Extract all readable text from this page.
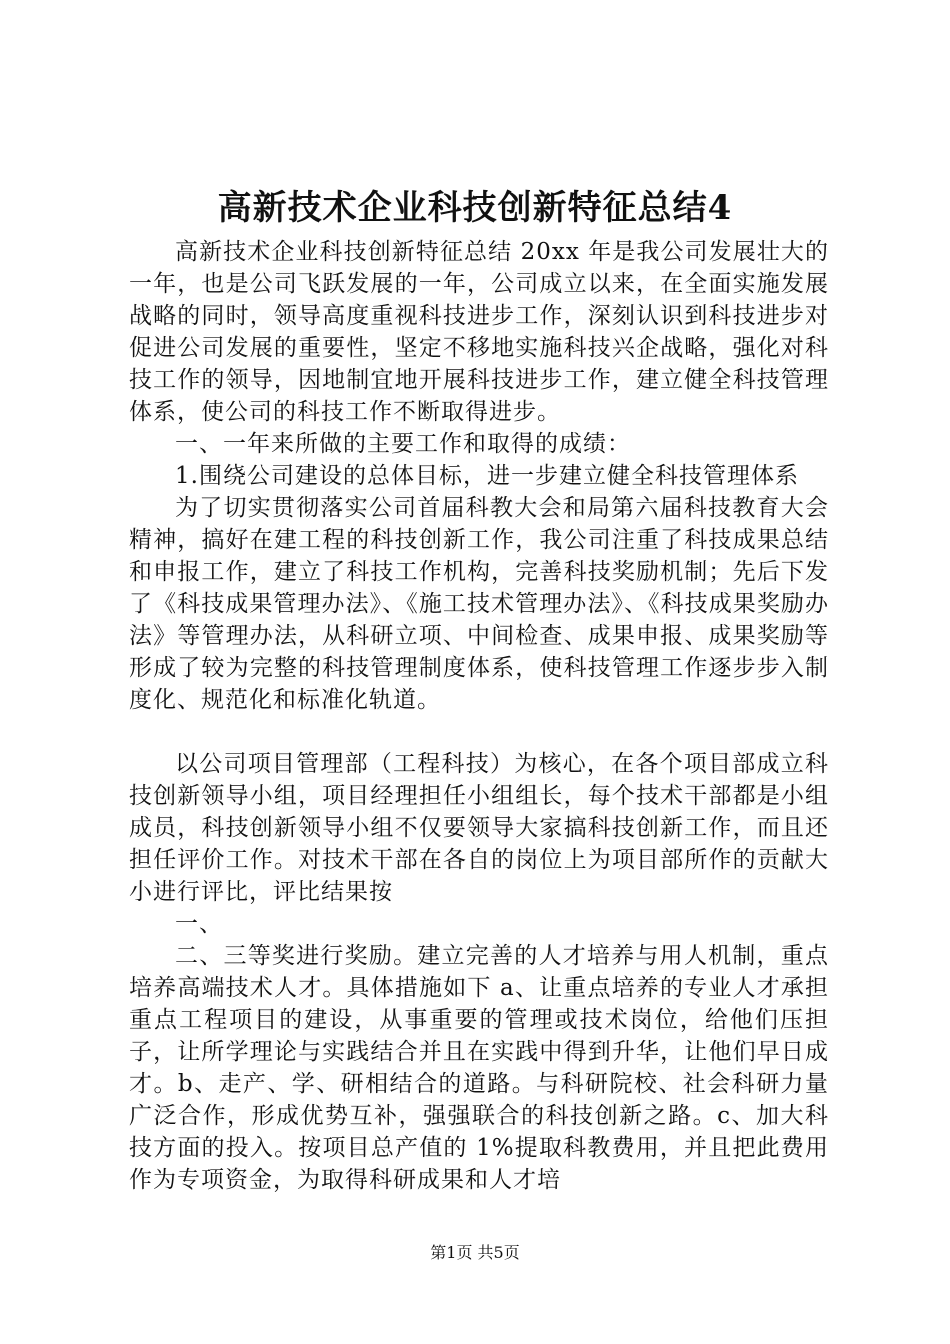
高新技术企业科技创新特征总结4

高新技术企业科技创新特征总结 20xx 年是我公司发展壮大的一年，也是公司飞跃发展的一年，公司成立以来，在全面实施发展战略的同时，领导高度重视科技进步工作，深刻认识到科技进步对促进公司发展的重要性，坚定不移地实施科技兴企战略，强化对科技工作的领导，因地制宜地开展科技进步工作，建立健全科技管理体系，使公司的科技工作不断取得进步。

一、一年来所做的主要工作和取得的成绩：

1.围绕公司建设的总体目标，进一步建立健全科技管理体系

为了切实贯彻落实公司首届科教大会和局第六届科技教育大会精神，搞好在建工程的科技创新工作，我公司注重了科技成果总结和申报工作，建立了科技工作机构，完善科技奖励机制；先后下发了《科技成果管理办法》、《施工技术管理办法》、《科技成果奖励办法》等管理办法，从科研立项、中间检查、成果申报、成果奖励等形成了较为完整的科技管理制度体系，使科技管理工作逐步步入制度化、规范化和标准化轨道。

以公司项目管理部（工程科技）为核心，在各个项目部成立科技创新领导小组，项目经理担任小组组长，每个技术干部都是小组成员，科技创新领导小组不仅要领导大家搞科技创新工作，而且还担任评价工作。对技术干部在各自的岗位上为项目部所作的贡献大小进行评比，评比结果按

一、

二、三等奖进行奖励。建立完善的人才培养与用人机制，重点培养高端技术人才。具体措施如下 a、让重点培养的专业人才承担重点工程项目的建设，从事重要的管理或技术岗位，给他们压担子，让所学理论与实践结合并且在实践中得到升华，让他们早日成才。b、走产、学、研相结合的道路。与科研院校、社会科研力量广泛合作，形成优势互补，强强联合的科技创新之路。c、加大科技方面的投入。按项目总产值的 1%提取科教费用，并且把此费用作为专项资金，为取得科研成果和人才培

第1页 共5页
